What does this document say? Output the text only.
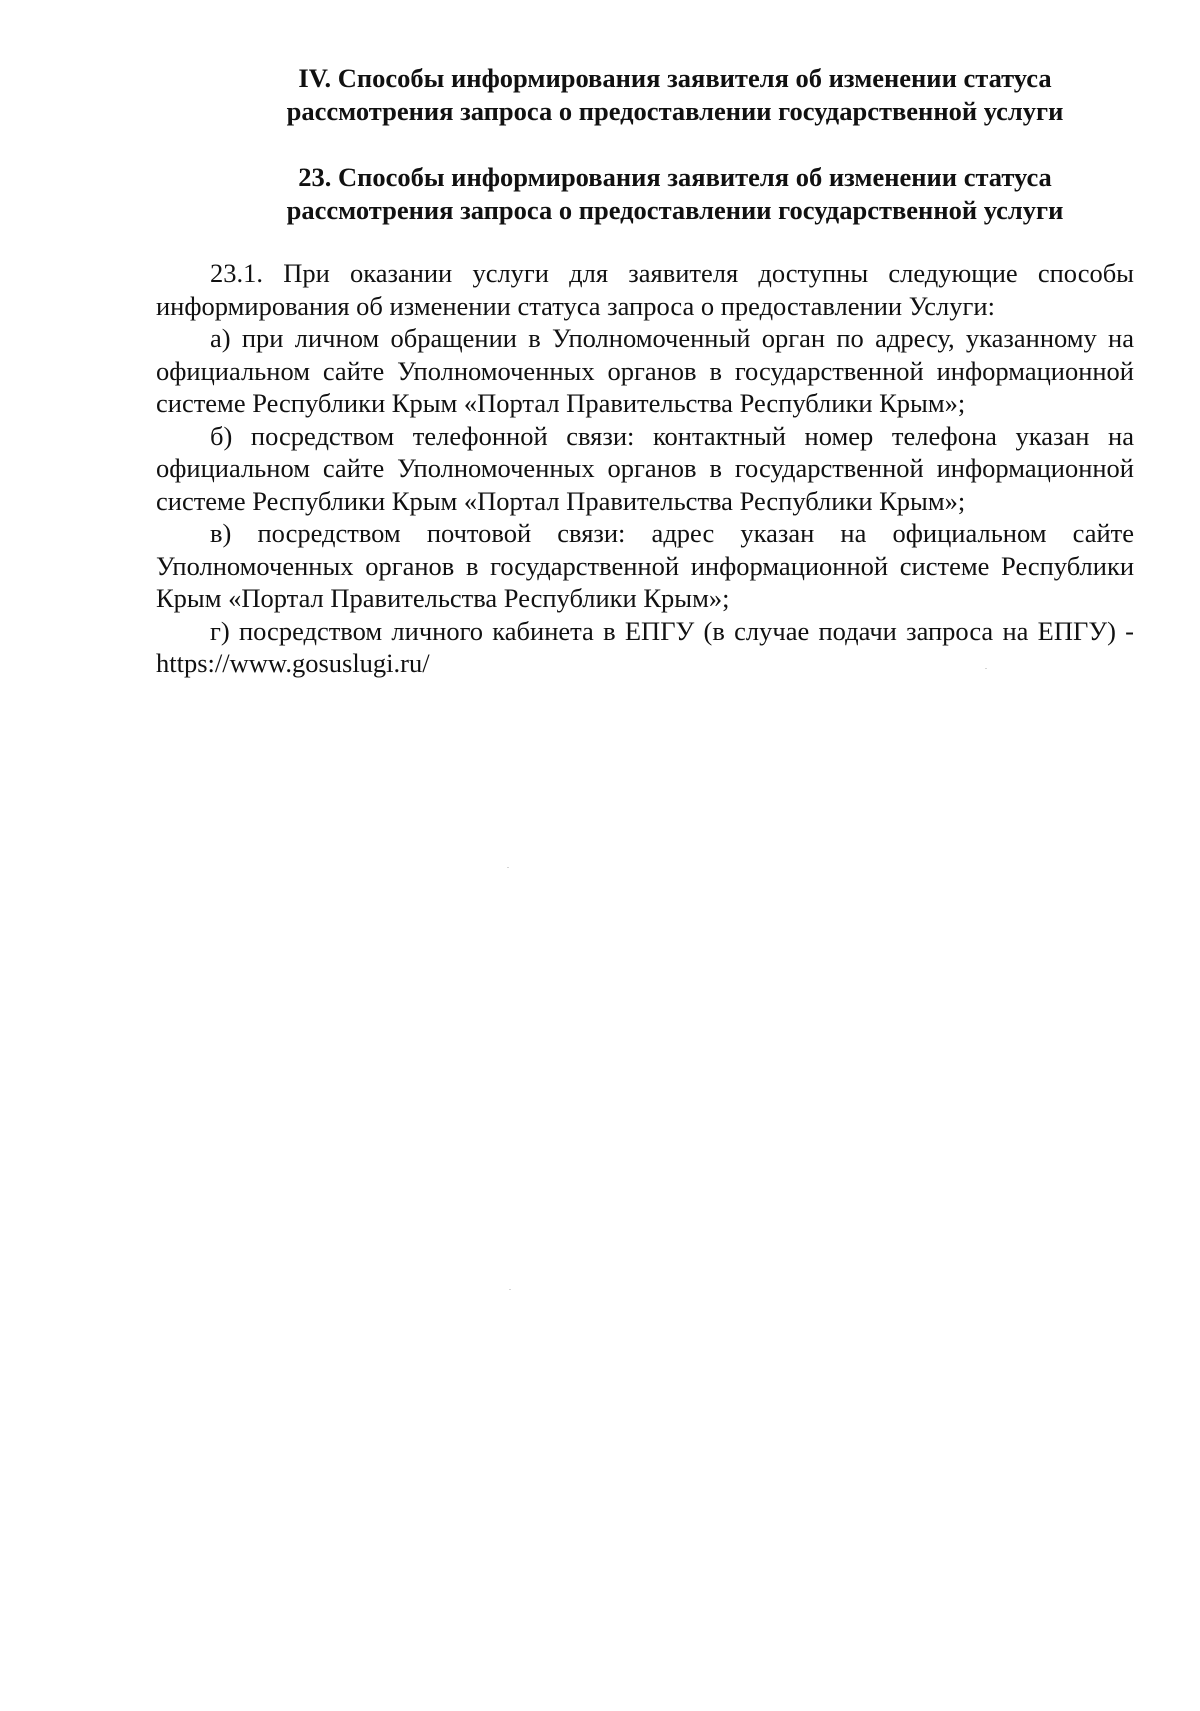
IV. Способы информирования заявителя об изменении статуса
рассмотрения запроса о предоставлении государственной услуги
23. Способы информирования заявителя об изменении статуса
рассмотрения запроса о предоставлении государственной услуги

23.1. При оказании услуги для заявителя доступны следующие способы информирования об изменении статуса запроса о предоставлении Услуги:

а) при личном обращении в Уполномоченный орган по адресу, указанному на официальном сайте Уполномоченных органов в государственной информационной системе Республики Крым «Портал Правительства Республики Крым»;

б) посредством телефонной связи: контактный номер телефона указан на официальном сайте Уполномоченных органов в государственной информационной системе Республики Крым «Портал Правительства Республики Крым»;

в) посредством почтовой связи: адрес указан на официальном сайте Уполномоченных органов в государственной информационной системе Республики Крым «Портал Правительства Республики Крым»;

г) посредством личного кабинета в ЕПГУ (в случае подачи запроса на ЕПГУ) - https://www.gosuslugi.ru/
